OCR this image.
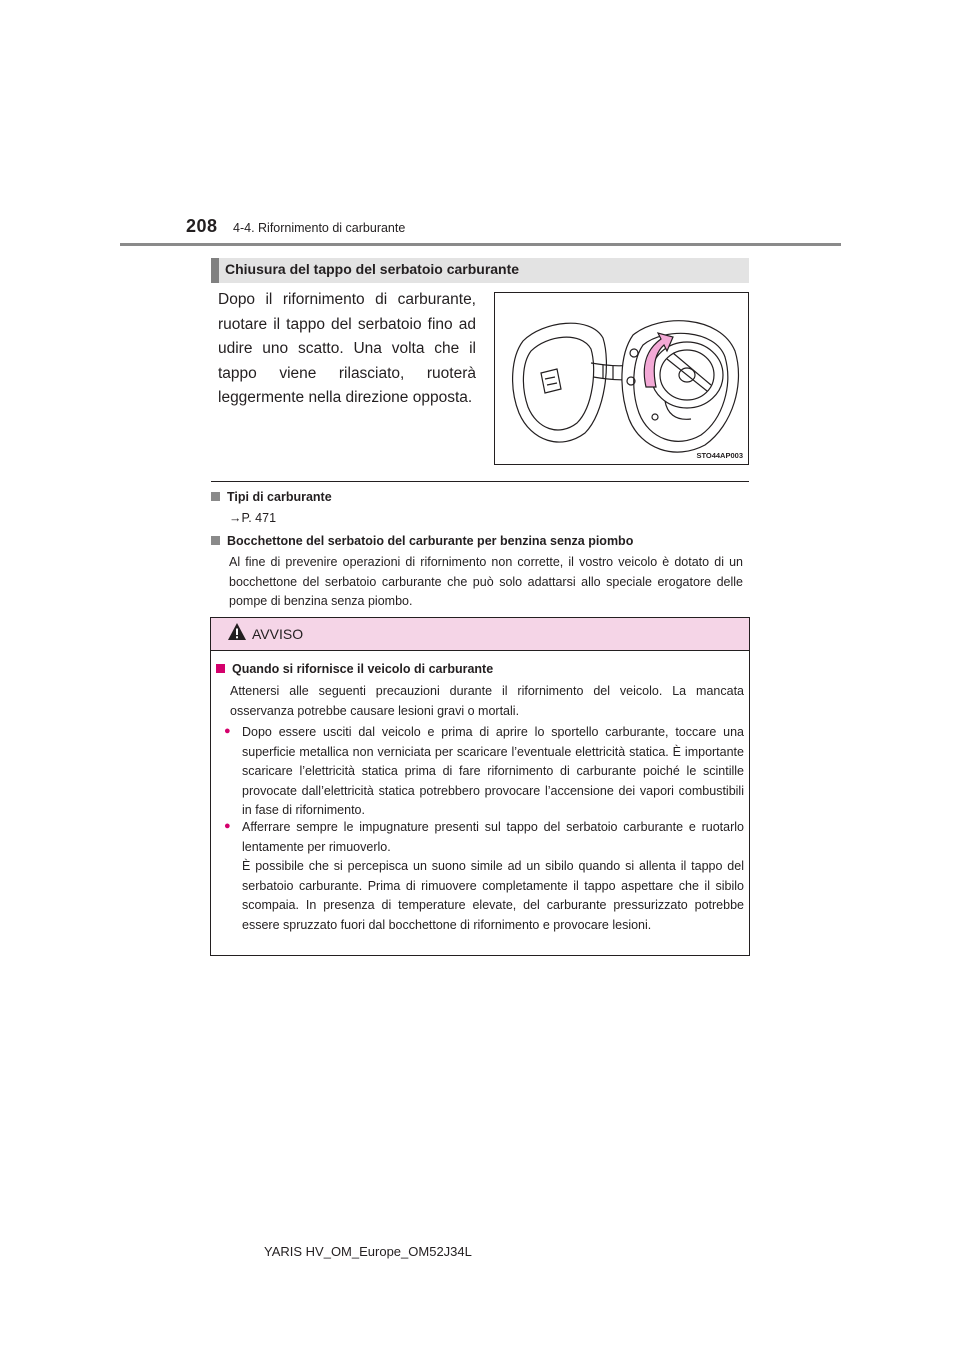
208 4-4. Rifornimento di carburante
Chiusura del tappo del serbatoio carburante
Dopo il rifornimento di carburante, ruotare il tappo del serbatoio fino ad udire uno scatto. Una volta che il tappo viene rilasciato, ruoterà leggermente nella direzione opposta.
STO44AP003
Tipi di carburante
→P. 471
Bocchettone del serbatoio del carburante per benzina senza piombo
Al fine di prevenire operazioni di rifornimento non corrette, il vostro veicolo è dotato di un bocchettone del serbatoio carburante che può solo adattarsi allo speciale erogatore delle pompe di benzina senza piombo.
AVVISO
Quando si rifornisce il veicolo di carburante
Attenersi alle seguenti precauzioni durante il rifornimento del veicolo. La mancata osservanza potrebbe causare lesioni gravi o mortali.
● Dopo essere usciti dal veicolo e prima di aprire lo sportello carburante, toccare una superficie metallica non verniciata per scaricare l’eventuale elettricità statica. È importante scaricare l’elettricità statica prima di fare rifornimento di carburante poiché le scintille provocate dall’elettricità statica potrebbero provocare l’accensione dei vapori combustibili in fase di rifornimento.
● Afferrare sempre le impugnature presenti sul tappo del serbatoio carburante e ruotarlo lentamente per rimuoverlo.
È possibile che si percepisca un suono simile ad un sibilo quando si allenta il tappo del serbatoio carburante. Prima di rimuovere completamente il tappo aspettare che il sibilo scompaia. In presenza di temperature elevate, del carburante pressurizzato potrebbe essere spruzzato fuori dal bocchettone di rifornimento e provocare lesioni.
YARIS HV_OM_Europe_OM52J34L
